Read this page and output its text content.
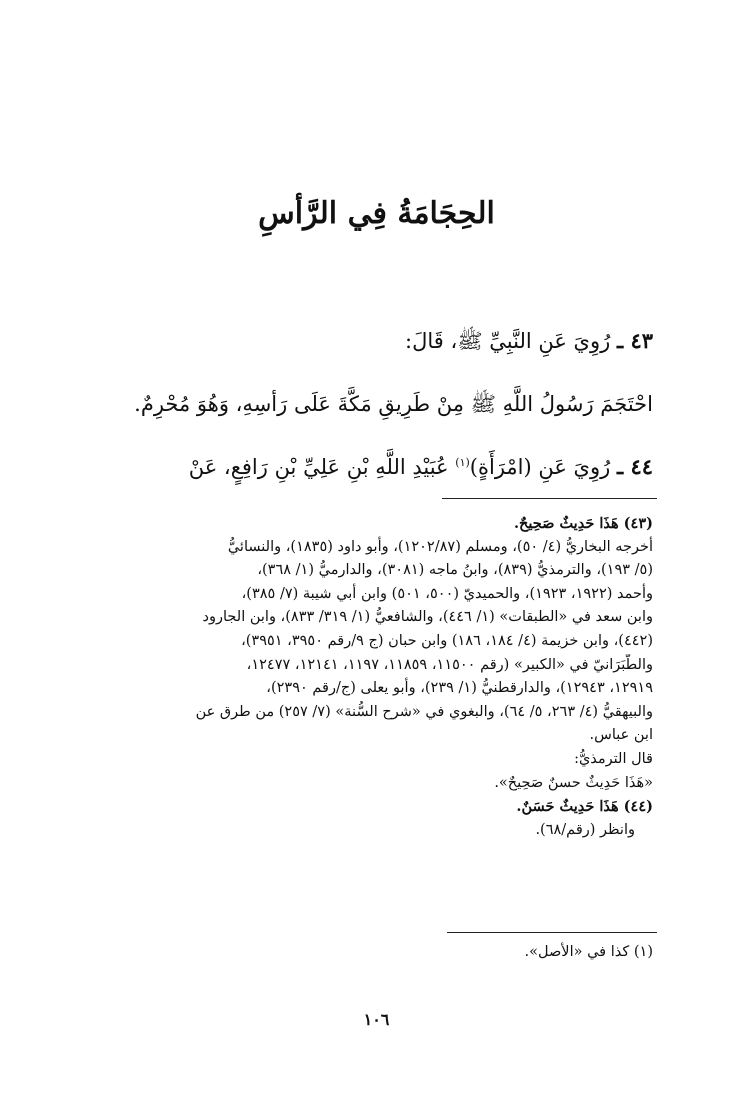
الحِجَامَةُ فِي الرَّأسِ
٤٣ ـ رُوِيَ عَنِ النَّبِيِّ ﷺ، قَالَ:
احْتَجَمَ رَسُولُ اللَّهِ ﷺ مِنْ طَرِيقِ مَكَّةَ عَلَى رَأسِهِ، وَهُوَ مُحْرِمٌ.
٤٤ ـ رُوِيَ عَنِ (امْرَأَةٍ)$^{(١)}$ عُبَيْدِ اللَّهِ بْنِ عَلِيِّ بْنِ رَافِعٍ، عَنْ
(٤٣) هَذَا حَدِيثٌ صَحِيحٌ.
أخرجه البخاريُّ (٤/ ٥٠)، ومسلم (١٢٠٢/٨٧)، وأبو داود (١٨٣٥)، والنسائيُّ
(٥/ ١٩٣)، والترمذيُّ (٨٣٩)، وابنُ ماجه (٣٠٨١)، والدارميُّ (١/ ٣٦٨)،
وأحمد (١٩٢٢، ١٩٢٣)، والحميديّ (٥٠٠، ٥٠١) وابن أبي شيبة (٧/ ٣٨٥)،
وابن سعد في «الطبقات» (١/ ٤٤٦)، والشافعيُّ (١/ ٣١٩/ ٨٣٣)، وابن الجارود
(٤٤٢)، وابن خزيمة (٤/ ١٨٤، ١٨٦) وابن حبان (ج ٩/رقم ٣٩٥٠، ٣٩٥١)،
والطَّبَرَانيّ في «الكبير» (رقم ١١٥٠٠، ١١٨٥٩، ١١٩٧، ١٢١٤١، ١٢٤٧٧،
١٢٩١٩، ١٢٩٤٣)، والدارقطنيُّ (١/ ٢٣٩)، وأبو يعلى (ج/رقم ٢٣٩٠)،
والبيهقيُّ (٤/ ٢٦٣، ٥/ ٦٤)، والبغوي في «شرح السُّنة» (٧/ ٢٥٧) من طرق عن
ابن عباس.
قال الترمذيُّ:
«هَذَا حَدِيثٌ حسنٌ صَحِيحٌ».
(٤٤) هَذَا حَدِيثٌ حَسَنٌ.
وانظر (رقم/٦٨).
(١) كذا في «الأصل».
١٠٦
